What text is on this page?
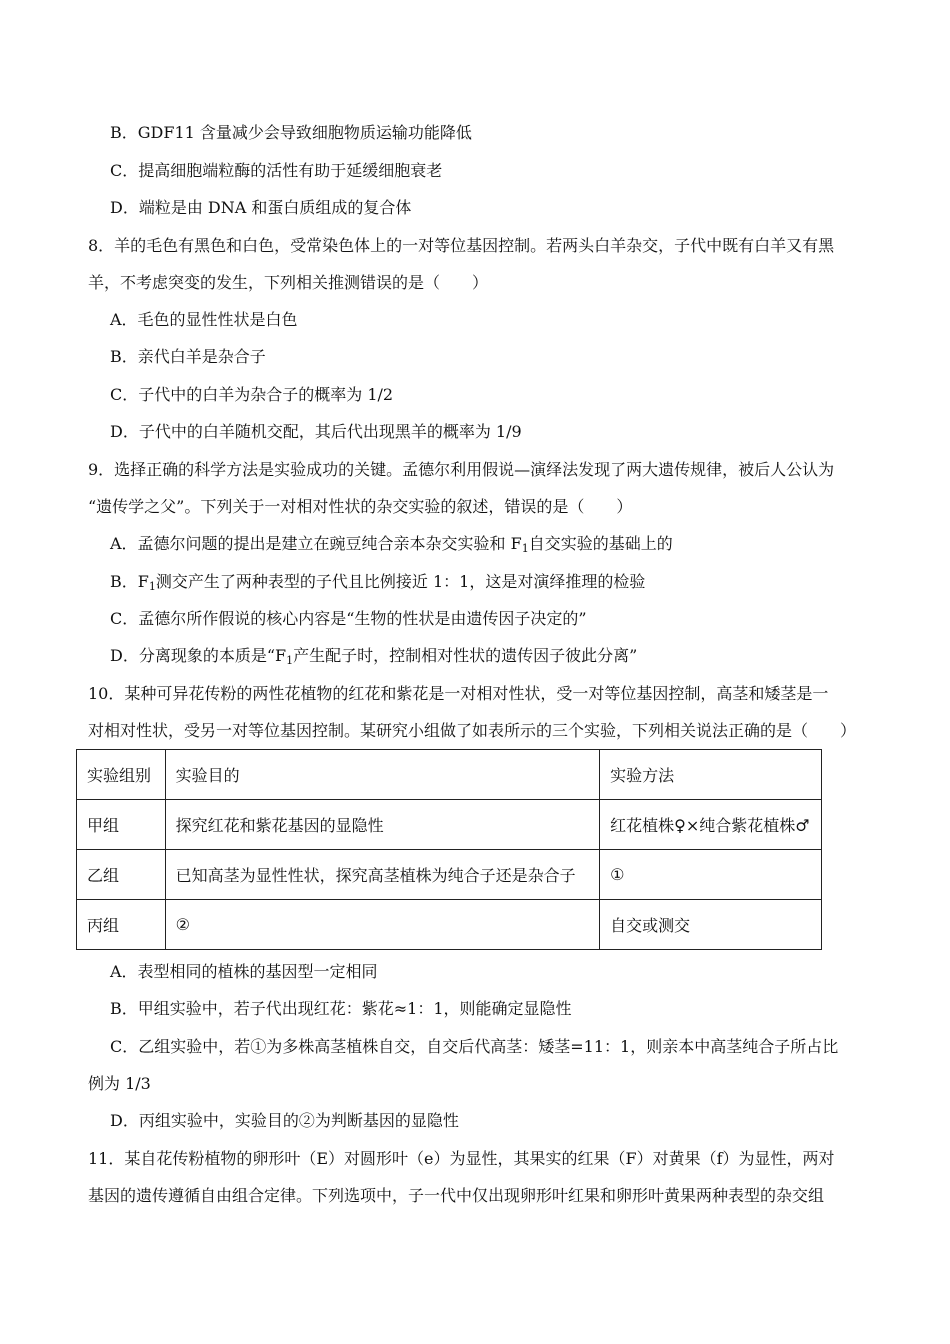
B．GDF11 含量减少会导致细胞物质运输功能降低
C．提高细胞端粒酶的活性有助于延缓细胞衰老
D．端粒是由 DNA 和蛋白质组成的复合体
8．羊的毛色有黑色和白色，受常染色体上的一对等位基因控制。若两头白羊杂交，子代中既有白羊又有黑
羊，不考虑突变的发生，下列相关推测错误的是（　　）
A．毛色的显性性状是白色
B．亲代白羊是杂合子
C．子代中的白羊为杂合子的概率为 1/2
D．子代中的白羊随机交配，其后代出现黑羊的概率为 1/9
9．选择正确的科学方法是实验成功的关键。孟德尔利用假说—演绎法发现了两大遗传规律，被后人公认为
“遗传学之父”。下列关于一对相对性状的杂交实验的叙述，错误的是（　　）
A．孟德尔问题的提出是建立在豌豆纯合亲本杂交实验和 $F_1$自交实验的基础上的
B．$F_1$测交产生了两种表型的子代且比例接近 1：1，这是对演绎推理的检验
C．孟德尔所作假说的核心内容是“生物的性状是由遗传因子决定的”
D．分离现象的本质是“$F_1$产生配子时，控制相对性状的遗传因子彼此分离”
10．某种可异花传粉的两性花植物的红花和紫花是一对相对性状，受一对等位基因控制，高茎和矮茎是一
对相对性状，受另一对等位基因控制。某研究小组做了如表所示的三个实验，下列相关说法正确的是（　　）
实验组别	实验目的	实验方法
甲组	探究红花和紫花基因的显隐性	红花植株♀×纯合紫花植株♂
乙组	已知高茎为显性性状，探究高茎植株为纯合子还是杂合子	①
丙组	②	自交或测交
A．表型相同的植株的基因型一定相同
B．甲组实验中，若子代出现红花：紫花≈1：1，则能确定显隐性
C．乙组实验中，若①为多株高茎植株自交，自交后代高茎：矮茎=11：1，则亲本中高茎纯合子所占比
例为 1/3
D．丙组实验中，实验目的②为判断基因的显隐性
11．某自花传粉植物的卵形叶（E）对圆形叶（e）为显性，其果实的红果（F）对黄果（f）为显性，两对
基因的遗传遵循自由组合定律。下列选项中，子一代中仅出现卵形叶红果和卵形叶黄果两种表型的杂交组
